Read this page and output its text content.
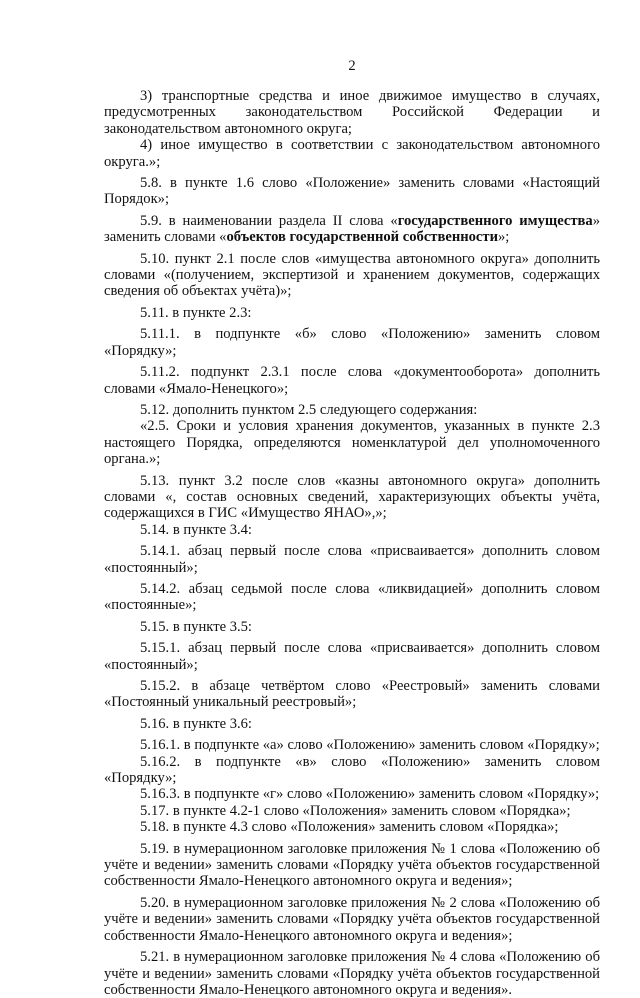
2

3) транспортные средства и иное движимое имущество в случаях, предусмотренных законодательством Российской Федерации и законодательством автономного округа;

4) иное имущество в соответствии с законодательством автономного округа.»;

5.8. в пункте 1.6 слово «Положение» заменить словами «Настоящий Порядок»;

5.9. в наименовании раздела II слова «государственного имущества» заменить словами «объектов государственной собственности»;

5.10. пункт 2.1 после слов «имущества автономного округа» дополнить словами «(получением, экспертизой и хранением документов, содержащих сведения об объектах учёта)»;

5.11. в пункте 2.3:

5.11.1. в подпункте «б» слово «Положению» заменить словом «Порядку»;

5.11.2. подпункт 2.3.1 после слова «документооборота» дополнить словами «Ямало-Ненецкого»;

5.12. дополнить пунктом 2.5 следующего содержания:

«2.5. Сроки и условия хранения документов, указанных в пункте 2.3 настоящего Порядка, определяются номенклатурой дел уполномоченного органа.»;

5.13. пункт 3.2 после слов «казны автономного округа» дополнить словами «, состав основных сведений, характеризующих объекты учёта, содержащихся в ГИС «Имущество ЯНАО»,»;

5.14. в пункте 3.4:

5.14.1. абзац первый после слова «присваивается» дополнить словом «постоянный»;

5.14.2. абзац седьмой после слова «ликвидацией» дополнить словом «постоянные»;

5.15. в пункте 3.5:

5.15.1. абзац первый после слова «присваивается» дополнить словом «постоянный»;

5.15.2. в абзаце четвёртом слово «Реестровый» заменить словами «Постоянный уникальный реестровый»;

5.16. в пункте 3.6:

5.16.1. в подпункте «а» слово «Положению» заменить словом «Порядку»;

5.16.2. в подпункте «в» слово «Положению» заменить словом «Порядку»;

5.16.3. в подпункте «г» слово «Положению» заменить словом «Порядку»;

5.17. в пункте 4.2-1 слово «Положения» заменить словом «Порядка»;

5.18. в пункте 4.3 слово «Положения» заменить словом «Порядка»;

5.19. в нумерационном заголовке приложения № 1 слова «Положению об учёте и ведении» заменить словами «Порядку учёта объектов государственной собственности Ямало-Ненецкого автономного округа и ведения»;

5.20. в нумерационном заголовке приложения № 2 слова «Положению об учёте и ведении» заменить словами «Порядку учёта объектов государственной собственности Ямало-Ненецкого автономного округа и ведения»;

5.21. в нумерационном заголовке приложения № 4 слова «Положению об учёте и ведении» заменить словами «Порядку учёта объектов государственной собственности Ямало-Ненецкого автономного округа и ведения».
